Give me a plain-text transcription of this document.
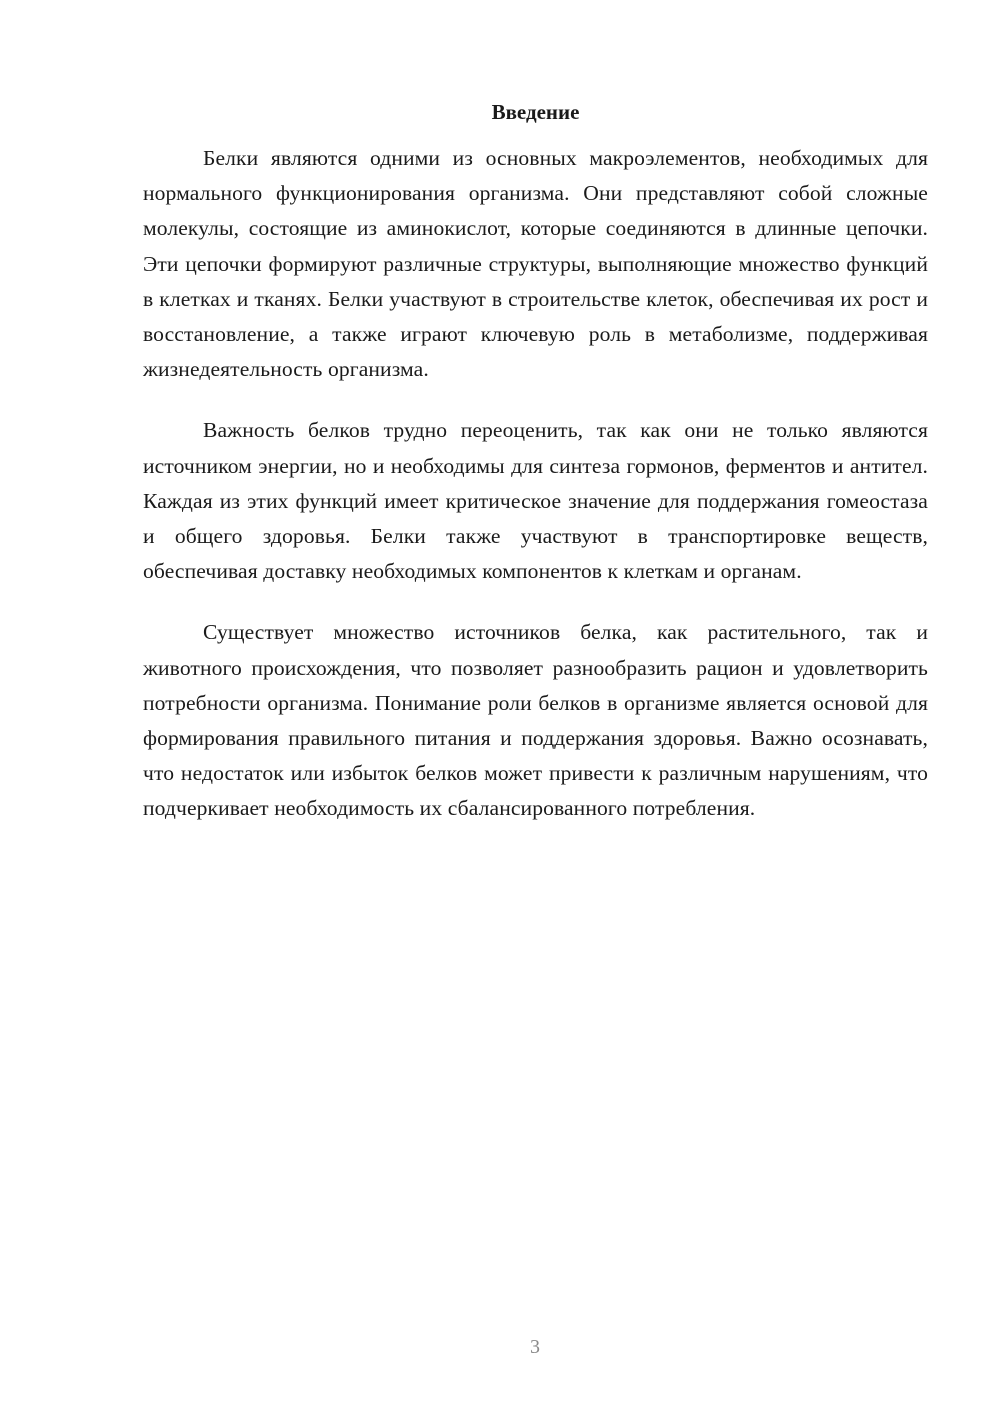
Введение

Белки являются одними из основных макроэлементов, необходимых для нормального функционирования организма. Они представляют собой сложные молекулы, состоящие из аминокислот, которые соединяются в длинные цепочки. Эти цепочки формируют различные структуры, выполняющие множество функций в клетках и тканях. Белки участвуют в строительстве клеток, обеспечивая их рост и восстановление, а также играют ключевую роль в метаболизме, поддерживая жизнедеятельность организма.

Важность белков трудно переоценить, так как они не только являются источником энергии, но и необходимы для синтеза гормонов, ферментов и антител. Каждая из этих функций имеет критическое значение для поддержания гомеостаза и общего здоровья. Белки также участвуют в транспортировке веществ, обеспечивая доставку необходимых компонентов к клеткам и органам.

Существует множество источников белка, как растительного, так и животного происхождения, что позволяет разнообразить рацион и удовлетворить потребности организма. Понимание роли белков в организме является основой для формирования правильного питания и поддержания здоровья. Важно осознавать, что недостаток или избыток белков может привести к различным нарушениям, что подчеркивает необходимость их сбалансированного потребления.

3
